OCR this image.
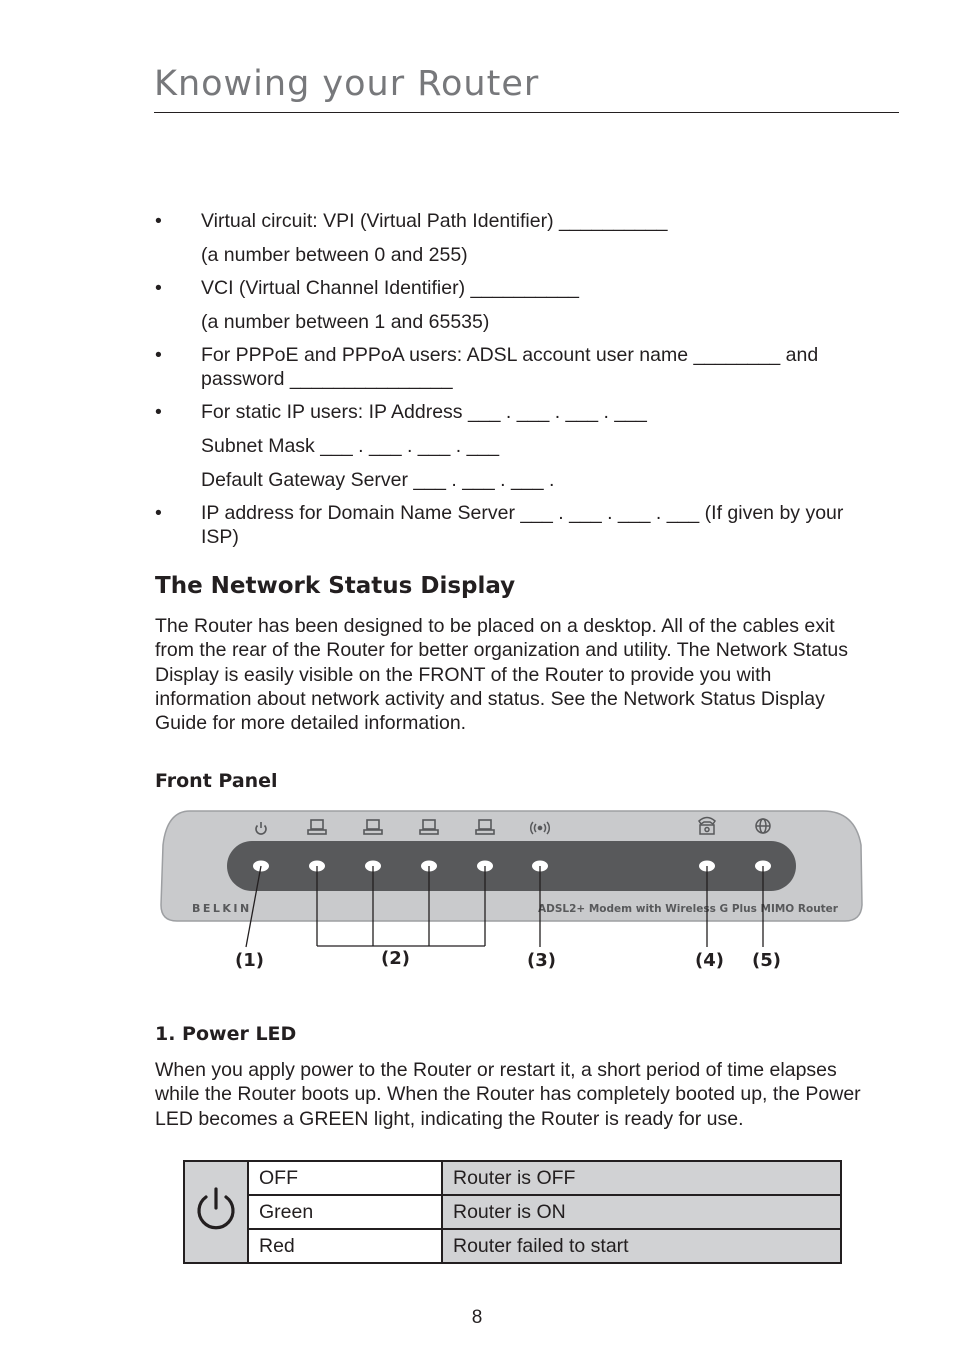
Knowing your Router
• Virtual circuit: VPI (Virtual Path Identifier) __________
(a number between 0 and 255)
• VCI (Virtual Channel Identifier) __________
(a number between 1 and 65535)
• For PPPoE and PPPoA users: ADSL account user name ________ and password _______________
• For static IP users: IP Address ___ . ___ . ___ . ___
Subnet Mask ___ . ___ . ___ . ___
Default Gateway Server ___ . ___ . ___ .
• IP address for Domain Name Server ___ . ___ . ___ . ___ (If given by your ISP)
The Network Status Display

The Router has been designed to be placed on a desktop. All of the cables exit from the rear of the Router for better organization and utility. The Network Status Display is easily visible on the FRONT of the Router to provide you with information about network activity and status. See the Network Status Display Guide for more detailed information.

Front Panel
BELKIN	ADSL2+ Modem with Wireless G Plus MIMO Router
(1)	(2)	(3)	(4) (5)
1. Power LED

When you apply power to the Router or restart it, a short period of time elapses while the Router boots up. When the Router has completely booted up, the Power LED becomes a GREEN light, indicating the Router is ready for use.

	OFF	Router is OFF
	Green	Router is ON
	Red	Router failed to start
8
